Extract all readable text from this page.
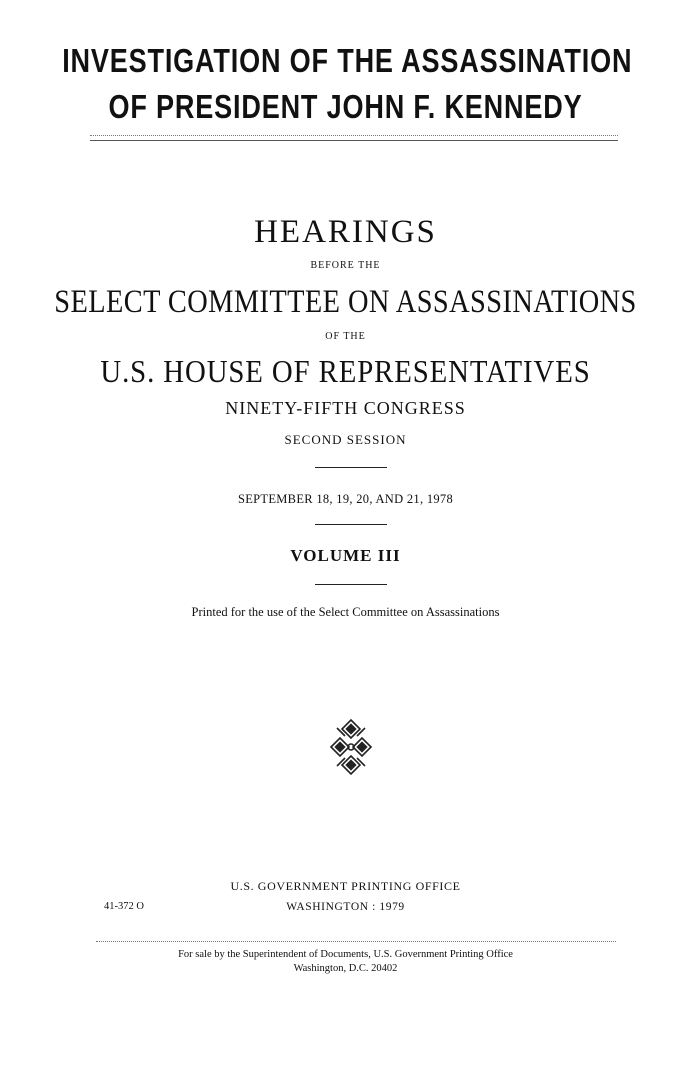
INVESTIGATION OF THE ASSASSINATION
OF PRESIDENT JOHN F. KENNEDY
HEARINGS
BEFORE THE
SELECT COMMITTEE ON ASSASSINATIONS
OF THE
U.S. HOUSE OF REPRESENTATIVES
NINETY-FIFTH CONGRESS
SECOND SESSION
SEPTEMBER 18, 19, 20, AND 21, 1978
VOLUME III
Printed for the use of the Select Committee on Assassinations
U.S. GOVERNMENT PRINTING OFFICE
41-372 O	WASHINGTON : 1979
For sale by the Superintendent of Documents, U.S. Government Printing Office
Washington, D.C. 20402
